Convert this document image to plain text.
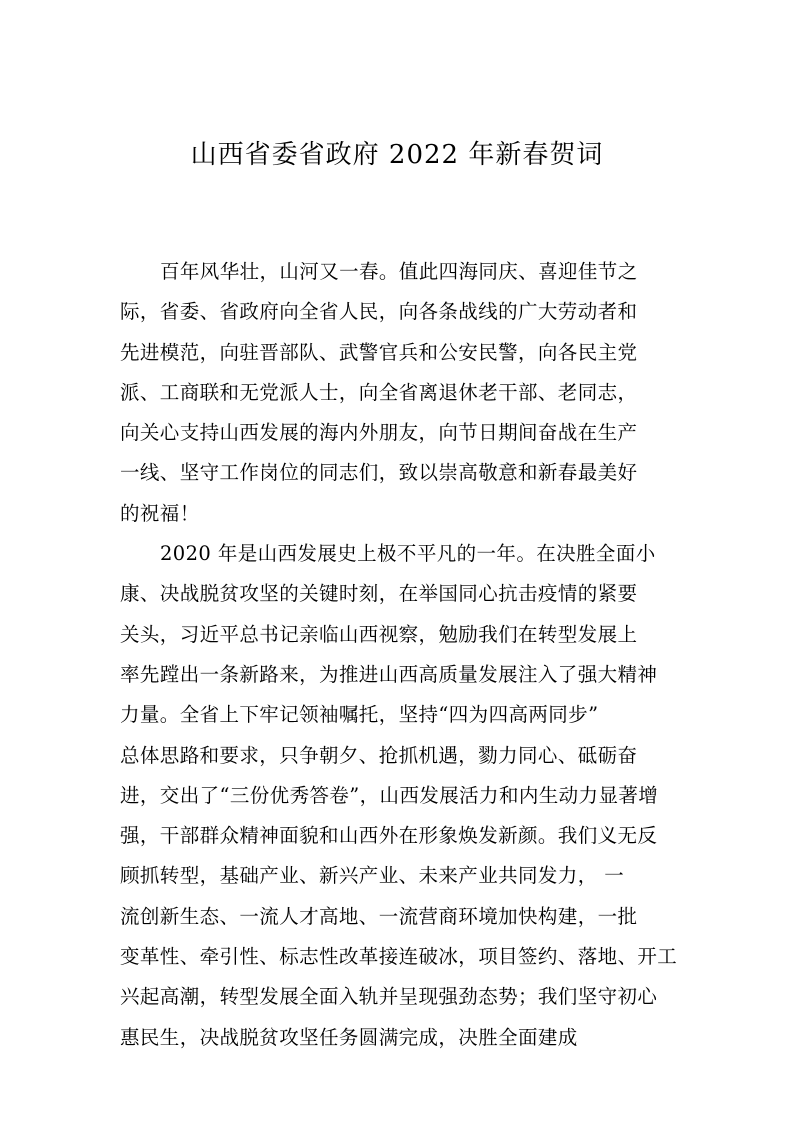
山西省委省政府 2022 年新春贺词
百年风华壮，山河又一春。值此四海同庆、喜迎佳节之
际，省委、省政府向全省人民，向各条战线的广大劳动者和
先进模范，向驻晋部队、武警官兵和公安民警，向各民主党
派、工商联和无党派人士，向全省离退休老干部、老同志，
向关心支持山西发展的海内外朋友，向节日期间奋战在生产
一线、坚守工作岗位的同志们，致以崇高敬意和新春最美好
的祝福！
2020 年是山西发展史上极不平凡的一年。在决胜全面小
康、决战脱贫攻坚的关键时刻，在举国同心抗击疫情的紧要
关头，习近平总书记亲临山西视察，勉励我们在转型发展上
率先蹚出一条新路来，为推进山西高质量发展注入了强大精神
力量。全省上下牢记领袖嘱托，坚持“四为四高两同步”
总体思路和要求，只争朝夕、抢抓机遇，勠力同心、砥砺奋
进，交出了“三份优秀答卷”，山西发展活力和内生动力显著增
强，干部群众精神面貌和山西外在形象焕发新颜。我们义无反
顾抓转型，基础产业、新兴产业、未来产业共同发力， 一
流创新生态、一流人才高地、一流营商环境加快构建，一批
变革性、牵引性、标志性改革接连破冰，项目签约、落地、开工
兴起高潮，转型发展全面入轨并呈现强劲态势；我们坚守初心
惠民生，决战脱贫攻坚任务圆满完成，决胜全面建成
